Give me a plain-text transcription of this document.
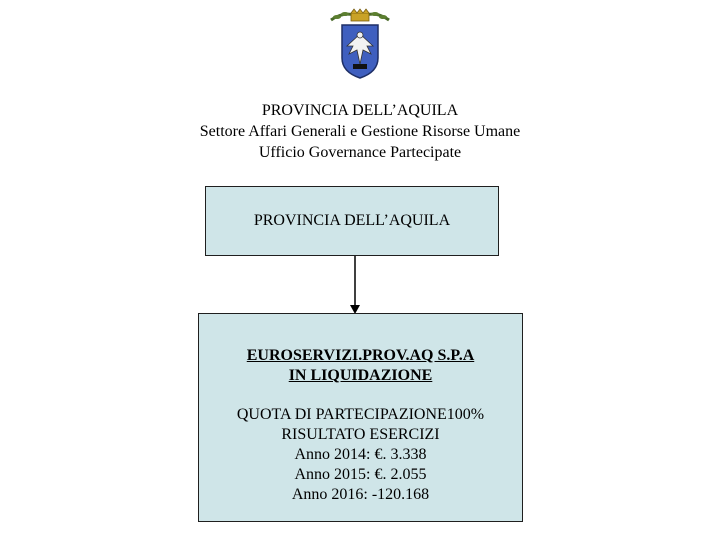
PROVINCIA DELL’AQUILA
Settore Affari Generali e Gestione Risorse Umane
Ufficio Governance Partecipate
PROVINCIA DELL’AQUILA
EUROSERVIZI.PROV.AQ S.P.A
IN LIQUIDAZIONE
QUOTA DI PARTECIPAZIONE100%
RISULTATO ESERCIZI
Anno 2014: €. 3.338
Anno 2015: €. 2.055
Anno 2016: -120.168
